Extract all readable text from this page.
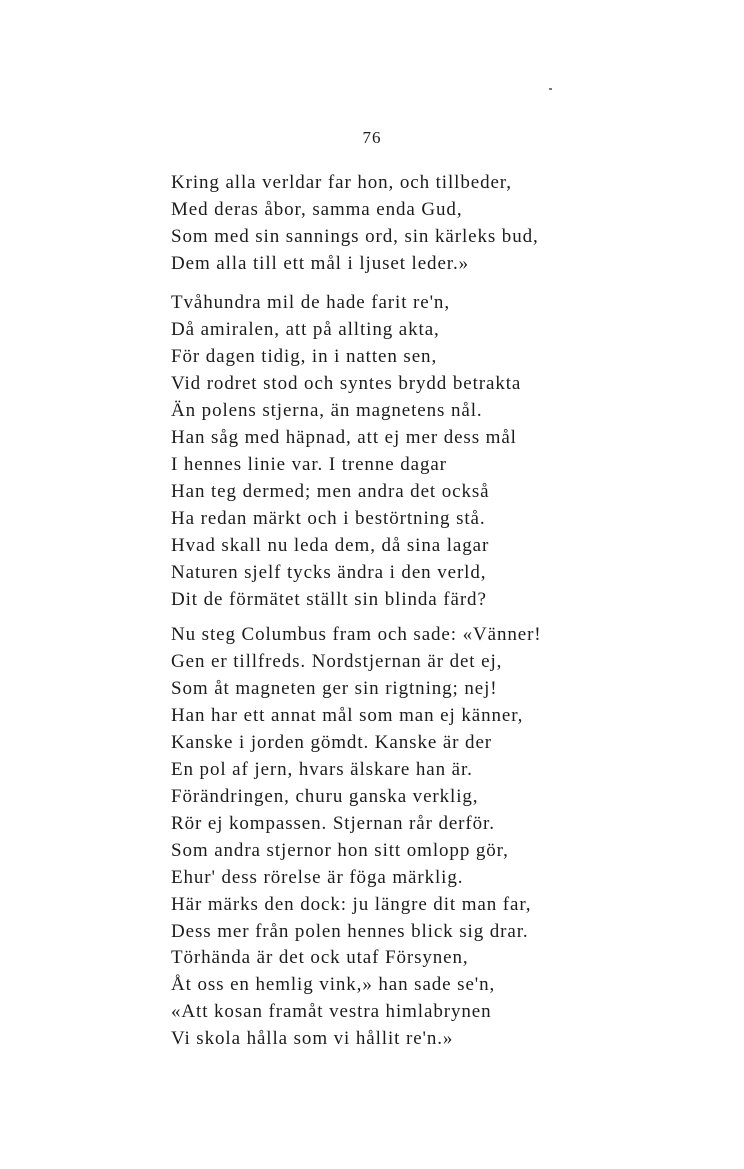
76
Kring alla verldar far hon, och tillbeder,
Med deras åbor, samma enda Gud,
Som med sin sannings ord, sin kärleks bud,
Dem alla till ett mål i ljuset leder.»
Tvåhundra mil de hade farit re'n,
Då amiralen, att på allting akta,
För dagen tidig, in i natten sen,
Vid rodret stod och syntes brydd betrakta
Än polens stjerna, än magnetens nål.
Han såg med häpnad, att ej mer dess mål
I hennes linie var. I trenne dagar
Han teg dermed; men andra det också
Ha redan märkt och i bestörtning stå.
Hvad skall nu leda dem, då sina lagar
Naturen sjelf tycks ändra i den verld,
Dit de förmätet ställt sin blinda färd?
Nu steg Columbus fram och sade: «Vänner!
Gen er tillfreds. Nordstjernan är det ej,
Som åt magneten ger sin rigtning; nej!
Han har ett annat mål som man ej känner,
Kanske i jorden gömdt. Kanske är der
En pol af jern, hvars älskare han är.
Förändringen, churu ganska verklig,
Rör ej kompassen. Stjernan rår derför.
Som andra stjernor hon sitt omlopp gör,
Ehur' dess rörelse är föga märklig.
Här märks den dock: ju längre dit man far,
Dess mer från polen hennes blick sig drar.
Törhända är det ock utaf Försynen,
Åt oss en hemlig vink,» han sade se'n,
«Att kosan framåt vestra himlabrynen
Vi skola hålla som vi hållit re'n.»
